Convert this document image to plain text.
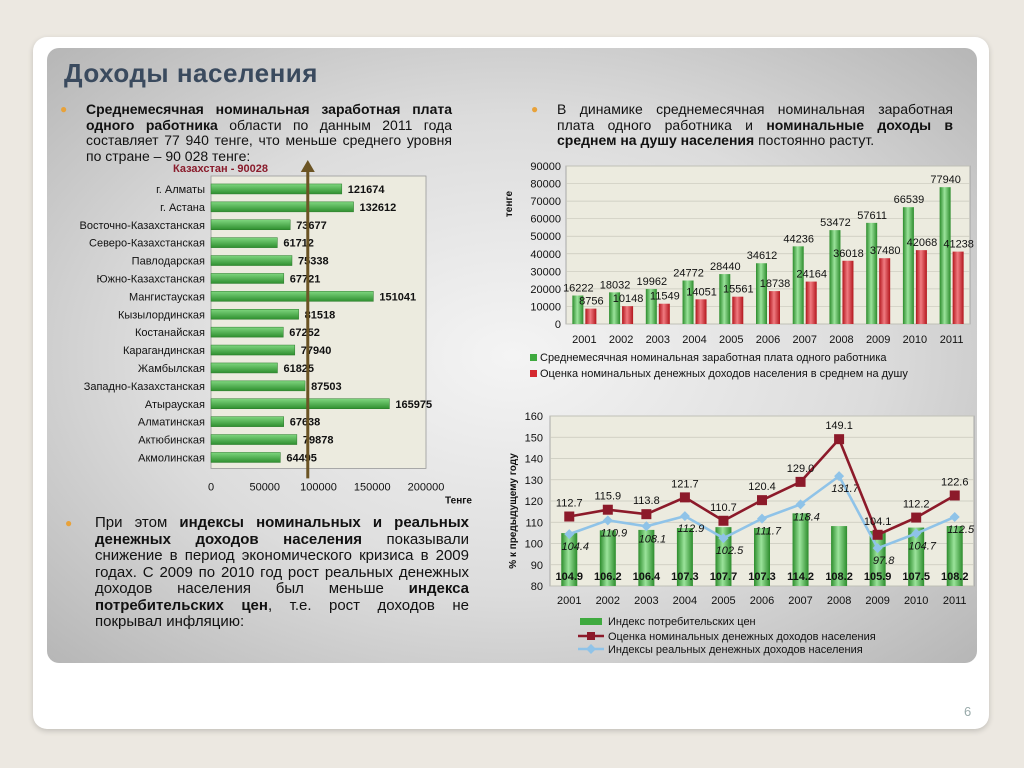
Доходы населения
● Среднемесячная номинальная заработная плата одного работника области по данным 2011 года составляет 77 940 тенге, что меньше среднего уровня по стране – 90 028 тенге:
● В динамике среднемесячная номинальная заработная плата одного работника и номинальные доходы в среднем на душу населения постоянно растут.
● При этом индексы номинальных и реальных денежных доходов населения показывали снижение в период экономического кризиса в 2009 годах. С 2009 по 2010 год рост реальных денежных доходов населения был меньше индекса потребительских цен, т.е. рост доходов не покрывал инфляцию:
Казахстан - 90028
г. Алматы	121674
г. Астана	132612
Восточно-Казахстанская	73677
Северо-Казахстанская	61712
Павлодарская	75338
Южно-Казахстанская	67721
Мангистауская	151041
Кызылординская	81518
Костанайская	67252
Карагандинская	77940
Жамбылская	61825
Западно-Казахстанская	87503
Атырауская	165975
Алматинская	67638
Актюбинская	79878
Акмолинская	64495
0	50000 100000 150000 200000
Тенге
0
10000
20000
30000
40000
50000
60000
70000
80000
90000
тенге
16222
8756
2001
18032
10148
2002
19962
11549
2003
24772
14051
2004
28440
15561
2005
34612
18738
2006
44236
24164
2007
53472
36018
2008
57611
37480
2009
66539
42068
2010
77940
41238
2011
Среднемесячная номинальная заработная плата одного работника
Оценка номинальных денежных доходов населения в среднем на душу
80
90
100
110
120
130
140
150
160
% к предыдущему году
104.9
2001
106.2
2002
106.4
2003
107.3
2004
107.7
2005
107.3
2006
114.2
2007
108.2
2008
105.9
2009
107.5
2010
108.2
2011
104.4
110.9 108.1
112.9
102.5
111.7
118.4
131.7
97.8
104.7
112.5
112.7
115.9 113.8
121.7
110.7
120.4
129.0
149.1
104.1
112.2
122.6
Индекс потребительских цен
Оценка номинальных денежных доходов населения
Индексы реальных денежных доходов населения
6
